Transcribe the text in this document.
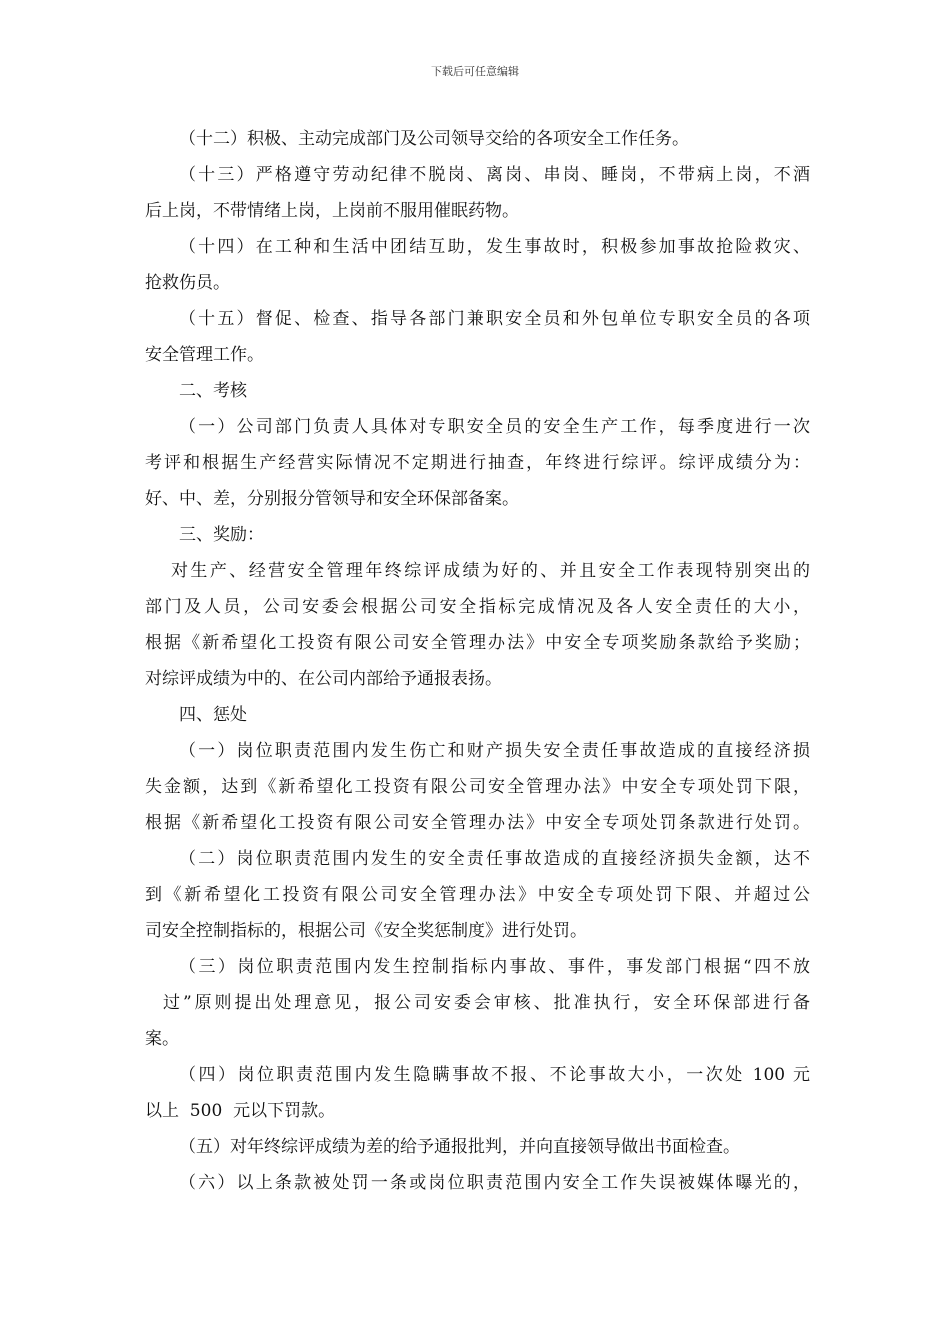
下载后可任意编辑
（十二）积极、主动完成部门及公司领导交给的各项安全工作任务。
（十三）严格遵守劳动纪律不脱岗、离岗、串岗、睡岗，不带病上岗，不酒
后上岗，不带情绪上岗，上岗前不服用催眠药物。
（十四）在工种和生活中团结互助，发生事故时，积极参加事故抢险救灾、
抢救伤员。
（十五）督促、检查、指导各部门兼职安全员和外包单位专职安全员的各项
安全管理工作。
二、考核
（一）公司部门负责人具体对专职安全员的安全生产工作，每季度进行一次
考评和根据生产经营实际情况不定期进行抽查，年终进行综评。综评成绩分为：
好、中、差，分别报分管领导和安全环保部备案。
三、奖励：
对生产、经营安全管理年终综评成绩为好的、并且安全工作表现特别突出的
部门及人员，公司安委会根据公司安全指标完成情况及各人安全责任的大小，
根据《新希望化工投资有限公司安全管理办法》中安全专项奖励条款给予奖励；
对综评成绩为中的、在公司内部给予通报表扬。
四、惩处
（一）岗位职责范围内发生伤亡和财产损失安全责任事故造成的直接经济损
失金额，达到《新希望化工投资有限公司安全管理办法》中安全专项处罚下限，
根据《新希望化工投资有限公司安全管理办法》中安全专项处罚条款进行处罚。
（二）岗位职责范围内发生的安全责任事故造成的直接经济损失金额，达不
到《新希望化工投资有限公司安全管理办法》中安全专项处罚下限、并超过公
司安全控制指标的，根据公司《安全奖惩制度》进行处罚。
（三）岗位职责范围内发生控制指标内事故、事件，事发部门根据“四不放
过”原则提出处理意见，报公司安委会审核、批准执行，安全环保部进行备
案。
（四）岗位职责范围内发生隐瞒事故不报、不论事故大小，一次处 100 元
以上  500  元以下罚款。
（五）对年终综评成绩为差的给予通报批判，并向直接领导做出书面检查。
（六）以上条款被处罚一条或岗位职责范围内安全工作失误被媒体曝光的，
